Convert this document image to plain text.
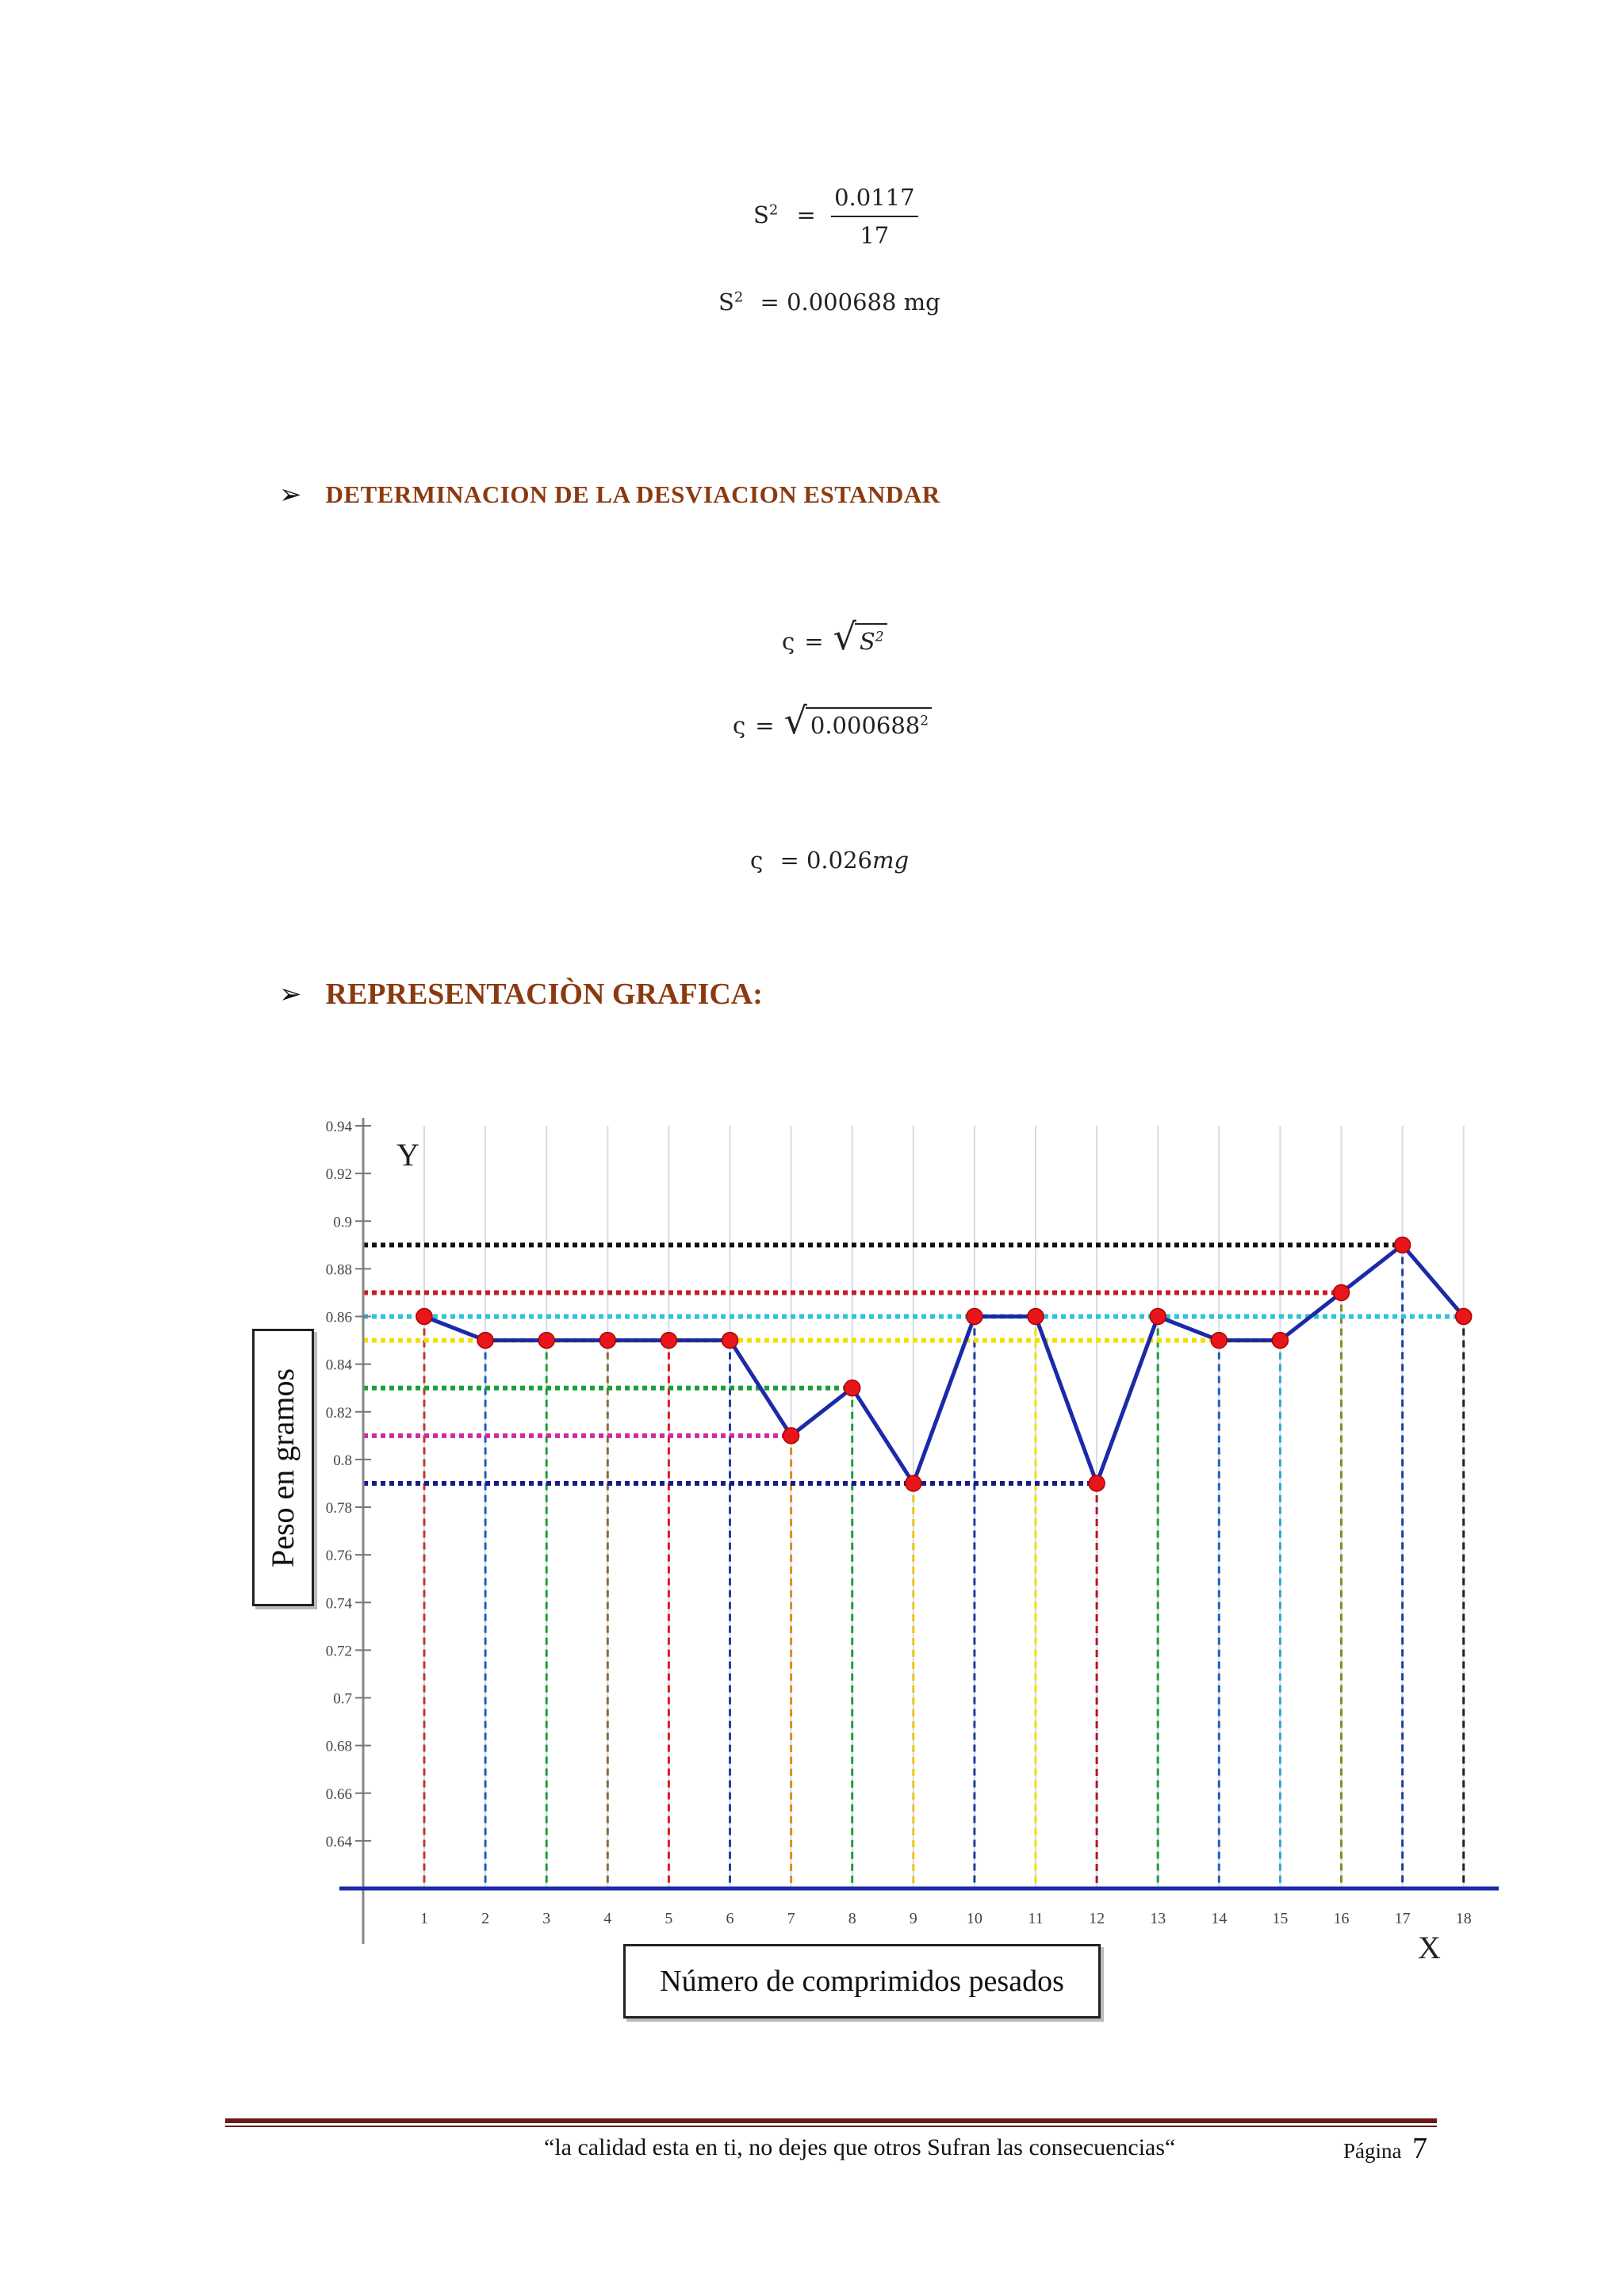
$S^2 = \frac{0.0117}{17}$
$S^2 = 0.000688$ mg
➢ DETERMINACION DE LA DESVIACION ESTANDAR
ς = √ $S^2$
ς = √ 0.000688$^2$
ς = 0.026mg
➢ REPRESENTACIÒN GRAFICA:
0.64
0.66
0.68
0.7
0.72
0.74
0.76
0.78
0.8
0.82
0.84
0.86
0.88
0.9
0.92
0.94
1	2	3	4	5	6	7	8	9	10	11	12	13	14	15	16	17	18
Y
X
Peso en gramos
Número de comprimidos pesados
“la calidad esta en ti, no dejes que otros Sufran las consecuencias“	Página 7
